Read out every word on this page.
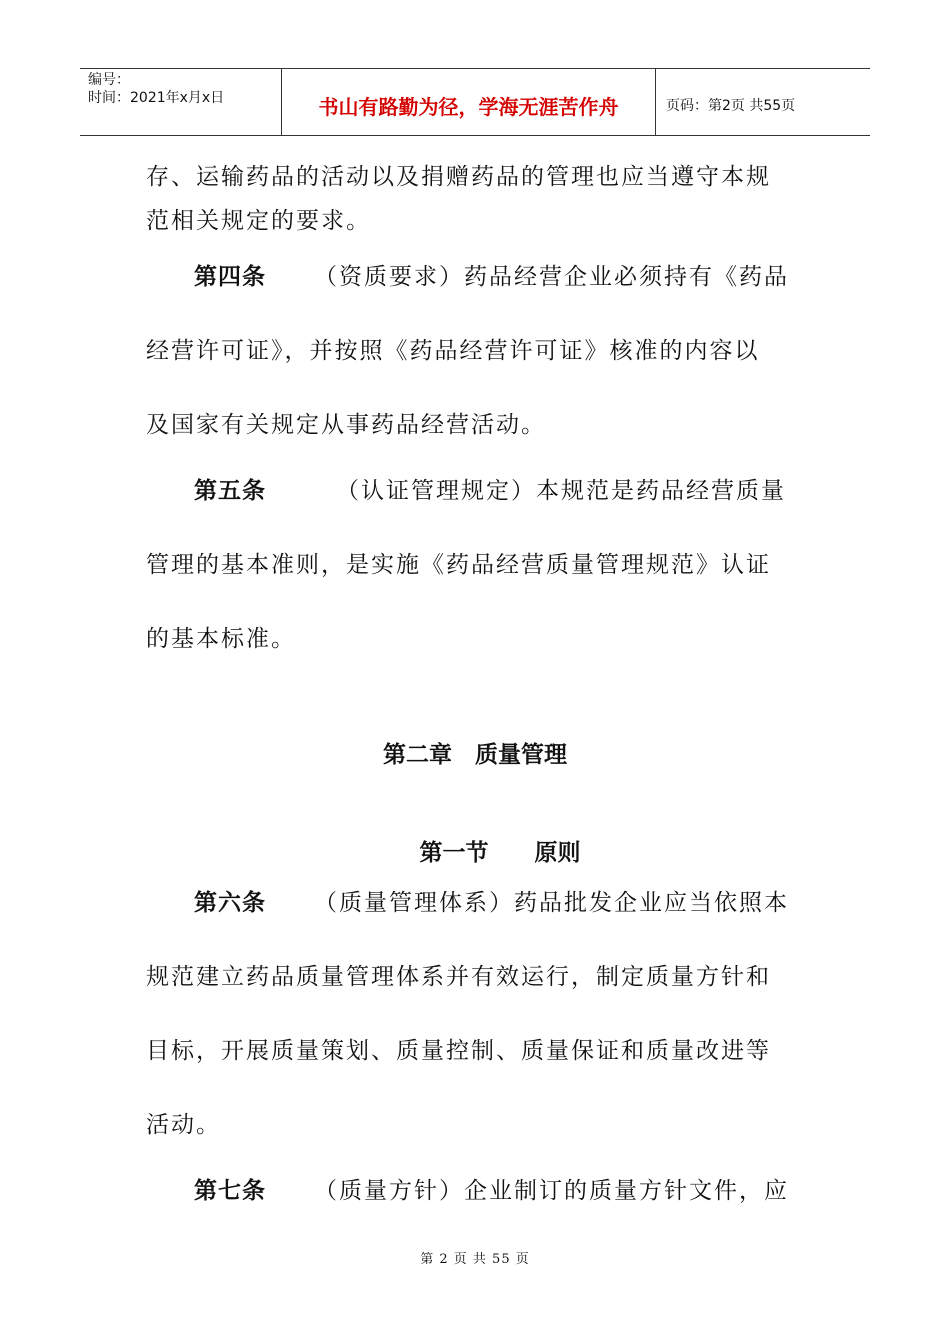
编号：
时间：2021年x月x日	书山有路勤为径，学海无涯苦作舟	页码：第2页 共55页
存、运输药品的活动以及捐赠药品的管理也应当遵守本规
范相关规定的要求。
第四条 （资质要求）药品经营企业必须持有《药品
经营许可证》，并按照《药品经营许可证》核准的内容以
及国家有关规定从事药品经营活动。
第五条	（认证管理规定）本规范是药品经营质量
管理的基本准则，是实施《药品经营质量管理规范》认证
的基本标准。
第二章　质量管理
第一节　　原则
第六条 （质量管理体系）药品批发企业应当依照本
规范建立药品质量管理体系并有效运行，制定质量方针和
目标，开展质量策划、质量控制、质量保证和质量改进等
活动。
第七条 （质量方针）企业制订的质量方针文件，应
第 2 页 共 55 页
